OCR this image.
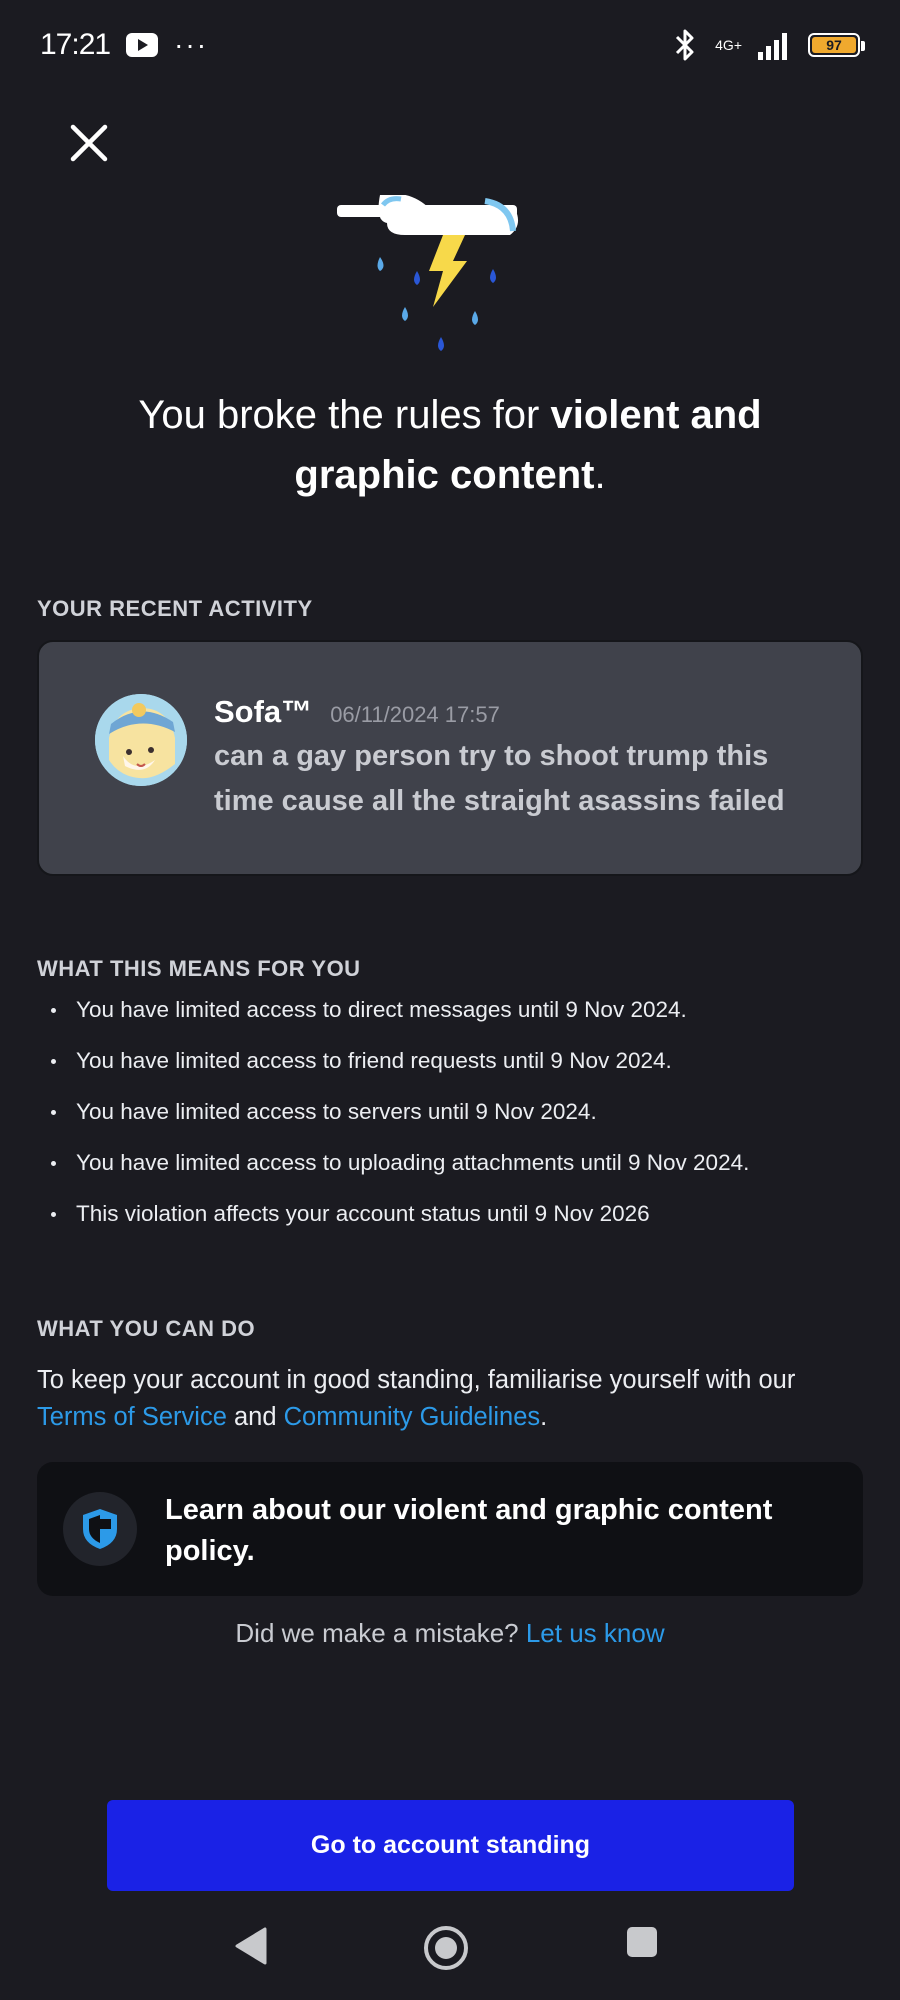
17:21 ···	4G+	97
You broke the rules for violent and graphic content.
YOUR RECENT ACTIVITY
Sofa™ 06/11/2024 17:57
can a gay person try to shoot trump this time cause all the straight asassins failed
WHAT THIS MEANS FOR YOU
You have limited access to direct messages until 9 Nov 2024.
You have limited access to friend requests until 9 Nov 2024.
You have limited access to servers until 9 Nov 2024.
You have limited access to uploading attachments until 9 Nov 2024.
This violation affects your account status until 9 Nov 2026
WHAT YOU CAN DO
To keep your account in good standing, familiarise yourself with our Terms of Service and Community Guidelines.
Learn about our violent and graphic content policy.
Did we make a mistake? Let us know
Go to account standing
